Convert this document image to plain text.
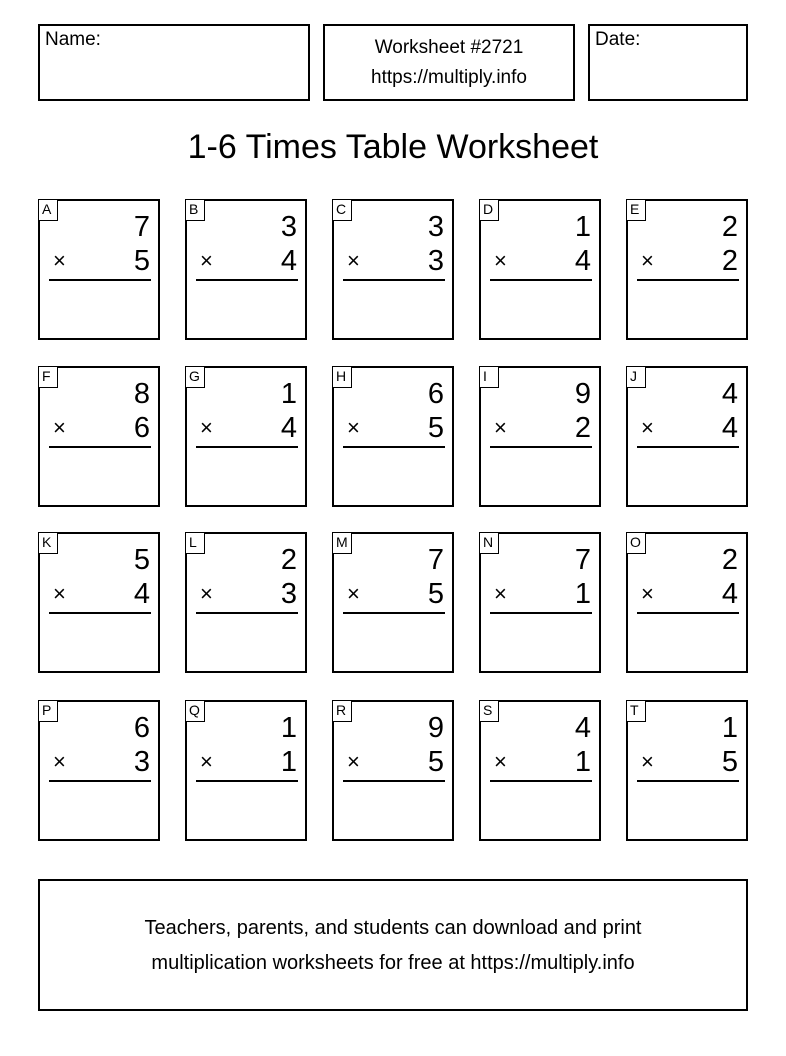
Name:	Worksheet #2721
https://multiply.info
Date:
1-6 Times Table Worksheet
A
7
× 5
B
3
× 4
C
3
× 3
D
1
× 4
E
2
× 2
F
8
× 6
G
1
× 4
H
6
× 5
I
9
× 2
J
4
× 4
K
5
× 4
L
2
× 3
M
7
× 5
N
7
× 1
O
2
× 4
P
6
× 3
Q
1
× 1
R
9
× 5
S
4
× 1
T
1
× 5
Teachers, parents, and students can download and print
multiplication worksheets for free at https://multiply.info
